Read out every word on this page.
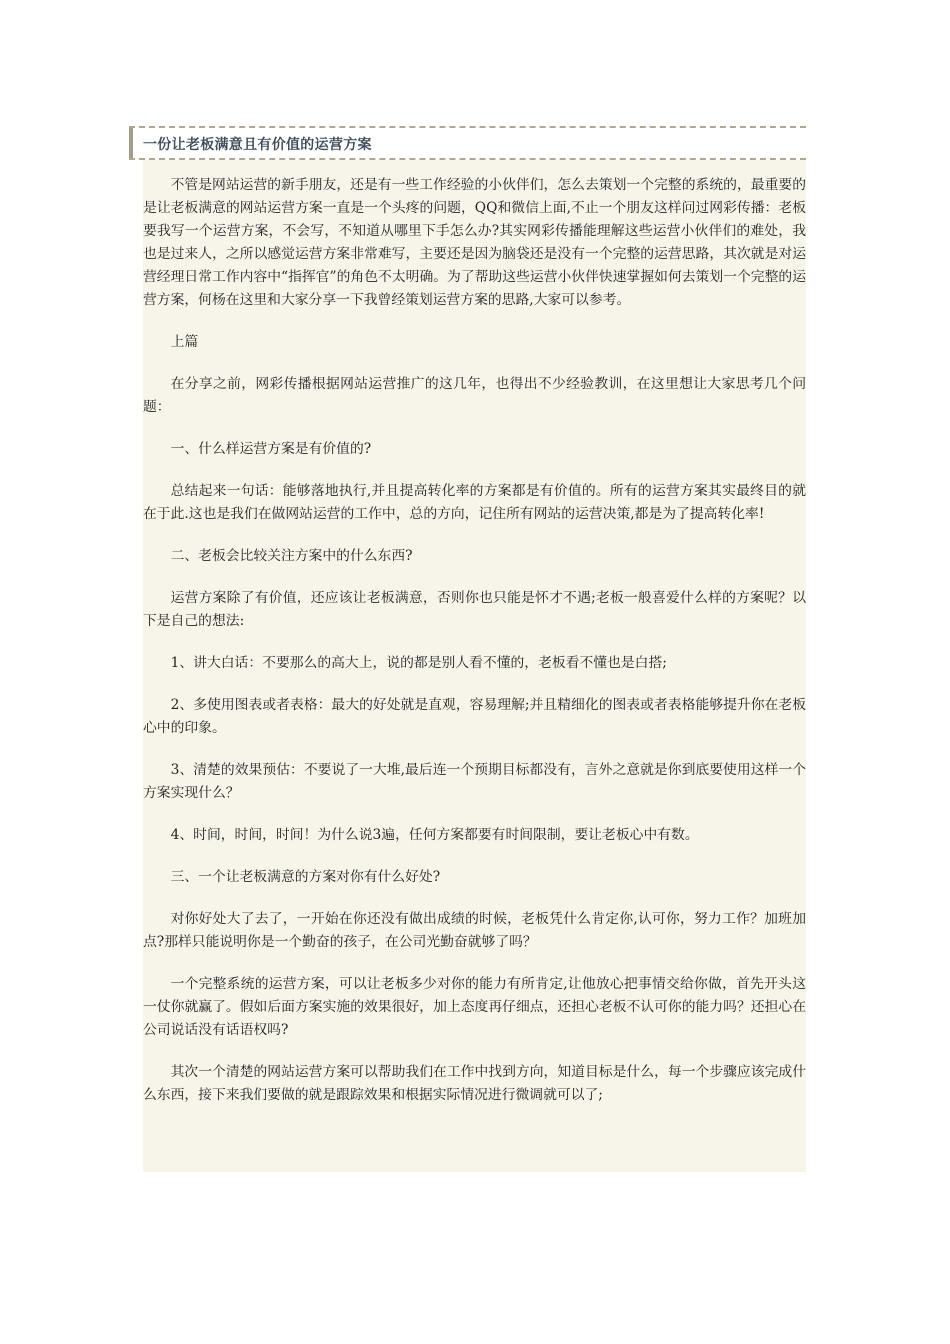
一份让老板满意且有价值的运营方案

不管是网站运营的新手朋友，还是有一些工作经验的小伙伴们，怎么去策划一个完整的系统的，最重要的是让老板满意的网站运营方案一直是一个头疼的问题，QQ和微信上面,不止一个朋友这样问过网彩传播：老板要我写一个运营方案，不会写，不知道从哪里下手怎么办?其实网彩传播能理解这些运营小伙伴们的难处，我也是过来人，之所以感觉运营方案非常难写，主要还是因为脑袋还是没有一个完整的运营思路，其次就是对运营经理日常工作内容中“指挥官”的角色不太明确。为了帮助这些运营小伙伴快速掌握如何去策划一个完整的运营方案，何杨在这里和大家分享一下我曾经策划运营方案的思路,大家可以参考。

上篇

在分享之前，网彩传播根据网站运营推广的这几年，也得出不少经验教训，在这里想让大家思考几个问题：

一、什么样运营方案是有价值的?

总结起来一句话：能够落地执行,并且提高转化率的方案都是有价值的。所有的运营方案其实最终目的就在于此.这也是我们在做网站运营的工作中，总的方向，记住所有网站的运营决策,都是为了提高转化率!

二、老板会比较关注方案中的什么东西?

运营方案除了有价值，还应该让老板满意，否则你也只能是怀才不遇;老板一般喜爱什么样的方案呢？以下是自己的想法:

1、讲大白话：不要那么的高大上，说的都是别人看不懂的，老板看不懂也是白搭;

2、多使用图表或者表格：最大的好处就是直观，容易理解;并且精细化的图表或者表格能够提升你在老板心中的印象。

3、清楚的效果预估：不要说了一大堆,最后连一个预期目标都没有，言外之意就是你到底要使用这样一个方案实现什么？

4、时间，时间，时间！为什么说3遍，任何方案都要有时间限制，要让老板心中有数。

三、一个让老板满意的方案对你有什么好处?

对你好处大了去了，一开始在你还没有做出成绩的时候，老板凭什么肯定你,认可你，努力工作？加班加点?那样只能说明你是一个勤奋的孩子，在公司光勤奋就够了吗？

一个完整系统的运营方案，可以让老板多少对你的能力有所肯定,让他放心把事情交给你做，首先开头这一仗你就赢了。假如后面方案实施的效果很好，加上态度再仔细点，还担心老板不认可你的能力吗？还担心在公司说话没有话语权吗?

其次一个清楚的网站运营方案可以帮助我们在工作中找到方向，知道目标是什么，每一个步骤应该完成什么东西，接下来我们要做的就是跟踪效果和根据实际情况进行微调就可以了;
